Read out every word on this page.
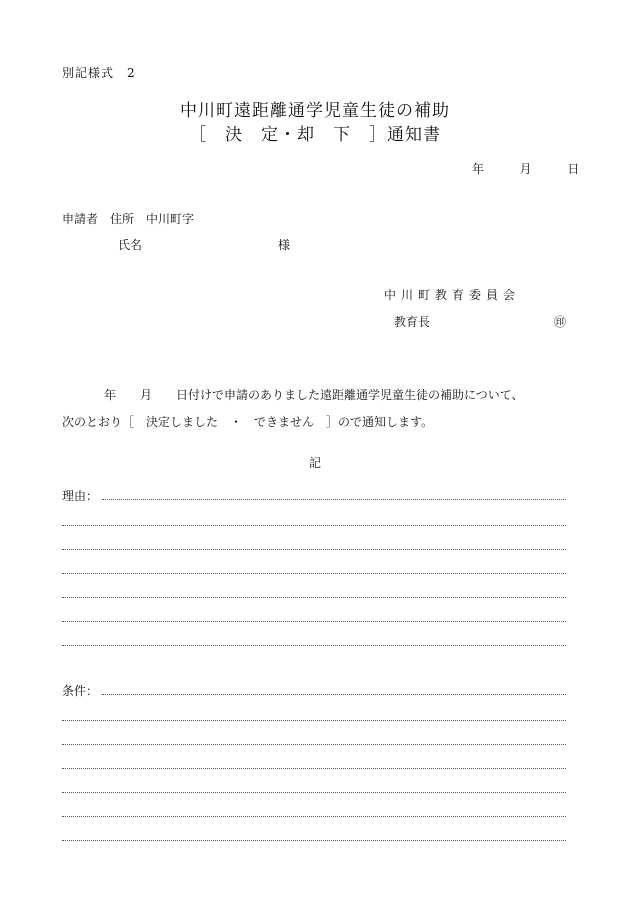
別記様式　2
中川町遠距離通学児童生徒の補助
［　決　定・却　下　］通知書
年	月	日
申請者　住所　中川町字
氏名	様
中川町教育委員会
教育長	㊞
年　　月　　日付けで申請のありました遠距離通学児童生徒の補助について、
次のとおり［　決定しました　・　できません　］ので通知します。
記
理由：
条件：
